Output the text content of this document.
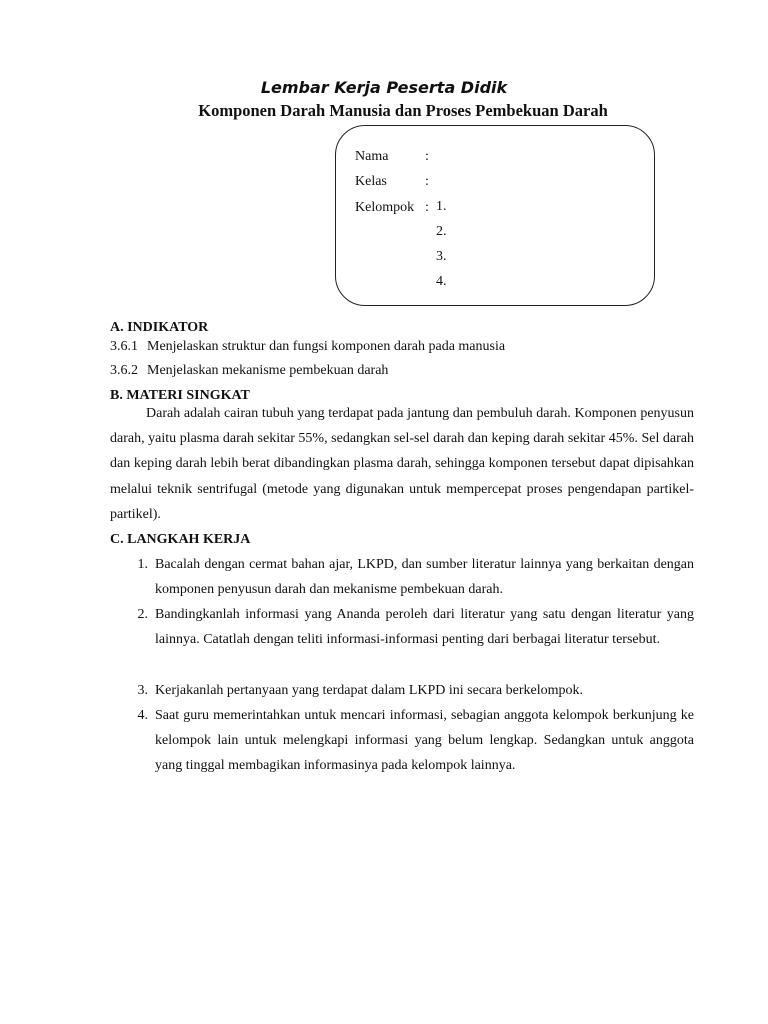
Lembar Kerja Peserta Didik
Komponen Darah Manusia dan Proses Pembekuan Darah
Nama	:
Kelas	:
Kelompok : 1.
2.
3.
4.
A. INDIKATOR
3.6.1 Menjelaskan struktur dan fungsi komponen darah pada manusia
3.6.2 Menjelaskan mekanisme pembekuan darah
B. MATERI SINGKAT
Darah adalah cairan tubuh yang terdapat pada jantung dan pembuluh darah. Komponen penyusun darah, yaitu plasma darah sekitar 55%, sedangkan sel-sel darah dan keping darah sekitar 45%. Sel darah dan keping darah lebih berat dibandingkan plasma darah, sehingga komponen tersebut dapat dipisahkan melalui teknik sentrifugal (metode yang digunakan untuk mempercepat proses pengendapan partikel-partikel).
C. LANGKAH KERJA
1. Bacalah dengan cermat bahan ajar, LKPD, dan sumber literatur lainnya yang berkaitan dengan komponen penyusun darah dan mekanisme pembekuan darah.
2. Bandingkanlah informasi yang Ananda peroleh dari literatur yang satu dengan literatur yang lainnya. Catatlah dengan teliti informasi-informasi penting dari berbagai literatur tersebut.
3. Kerjakanlah pertanyaan yang terdapat dalam LKPD ini secara berkelompok.
4. Saat guru memerintahkan untuk mencari informasi, sebagian anggota kelompok berkunjung ke kelompok lain untuk melengkapi informasi yang belum lengkap. Sedangkan untuk anggota yang tinggal membagikan informasinya pada kelompok lainnya.
